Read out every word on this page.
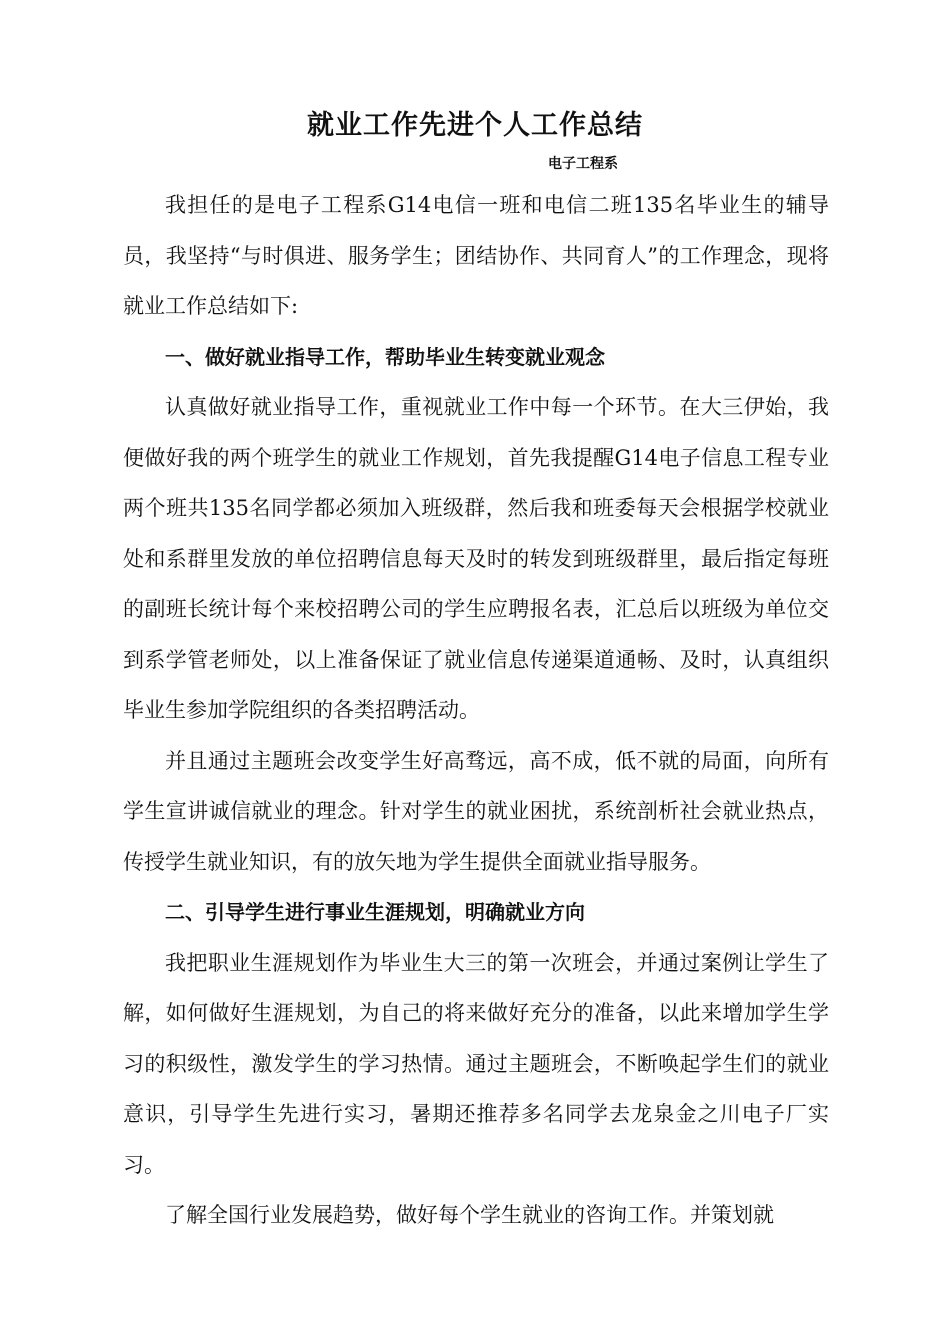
就业工作先进个人工作总结
电子工程系

我担任的是电子工程系G14电信一班和电信二班135名毕业生的辅导员，我坚持“与时俱进、服务学生；团结协作、共同育人”的工作理念，现将就业工作总结如下:

一、做好就业指导工作，帮助毕业生转变就业观念

认真做好就业指导工作，重视就业工作中每一个环节。在大三伊始，我便做好我的两个班学生的就业工作规划，首先我提醒G14电子信息工程专业两个班共135名同学都必须加入班级群，然后我和班委每天会根据学校就业处和系群里发放的单位招聘信息每天及时的转发到班级群里，最后指定每班的副班长统计每个来校招聘公司的学生应聘报名表，汇总后以班级为单位交到系学管老师处，以上准备保证了就业信息传递渠道通畅、及时，认真组织毕业生参加学院组织的各类招聘活动。

并且通过主题班会改变学生好高骛远，高不成，低不就的局面，向所有学生宣讲诚信就业的理念。针对学生的就业困扰，系统剖析社会就业热点，传授学生就业知识，有的放矢地为学生提供全面就业指导服务。

二、引导学生进行事业生涯规划，明确就业方向

我把职业生涯规划作为毕业生大三的第一次班会，并通过案例让学生了解，如何做好生涯规划，为自己的将来做好充分的准备，以此来增加学生学习的积级性，激发学生的学习热情。通过主题班会，不断唤起学生们的就业意识，引导学生先进行实习，暑期还推荐多名同学去龙泉金之川电子厂实习。

了解全国行业发展趋势，做好每个学生就业的咨询工作。并策划就
